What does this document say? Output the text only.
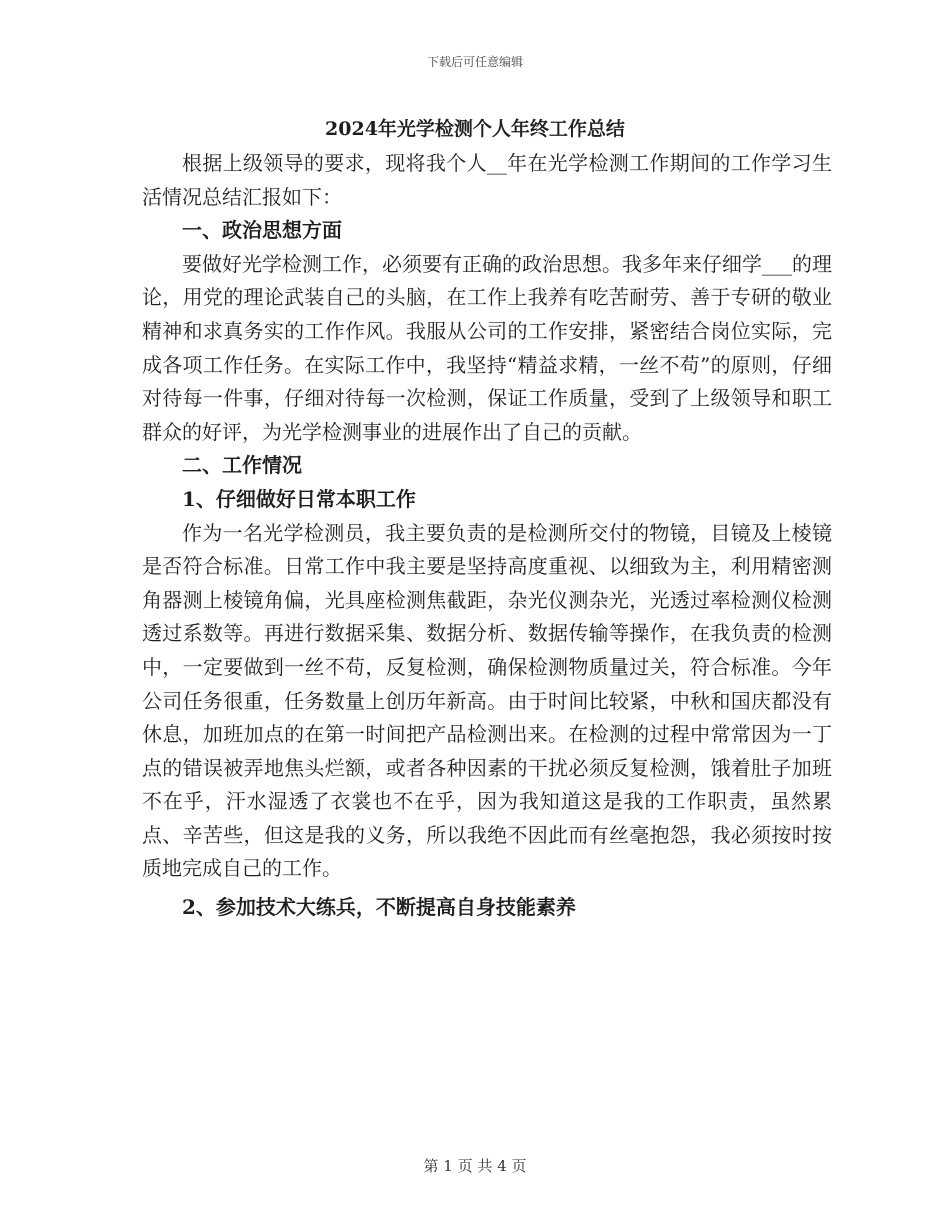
下载后可任意编辑
2024年光学检测个人年终工作总结

根据上级领导的要求，现将我个人__年在光学检测工作期间的工作学习生活情况总结汇报如下：

一、政治思想方面

要做好光学检测工作，必须要有正确的政治思想。我多年来仔细学___的理论，用党的理论武装自己的头脑，在工作上我养有吃苦耐劳、善于专研的敬业精神和求真务实的工作作风。我服从公司的工作安排，紧密结合岗位实际，完成各项工作任务。在实际工作中，我坚持“精益求精，一丝不苟”的原则，仔细对待每一件事，仔细对待每一次检测，保证工作质量，受到了上级领导和职工群众的好评，为光学检测事业的进展作出了自己的贡献。

二、工作情况

1、仔细做好日常本职工作

作为一名光学检测员，我主要负责的是检测所交付的物镜，目镜及上棱镜是否符合标准。日常工作中我主要是坚持高度重视、以细致为主，利用精密测角器测上棱镜角偏，光具座检测焦截距，杂光仪测杂光，光透过率检测仪检测透过系数等。再进行数据采集、数据分析、数据传输等操作，在我负责的检测中，一定要做到一丝不苟，反复检测，确保检测物质量过关，符合标准。今年公司任务很重，任务数量上创历年新高。由于时间比较紧，中秋和国庆都没有休息，加班加点的在第一时间把产品检测出来。在检测的过程中常常因为一丁点的错误被弄地焦头烂额，或者各种因素的干扰必须反复检测，饿着肚子加班不在乎，汗水湿透了衣裳也不在乎，因为我知道这是我的工作职责，虽然累点、辛苦些，但这是我的义务，所以我绝不因此而有丝毫抱怨，我必须按时按质地完成自己的工作。

2、参加技术大练兵，不断提高自身技能素养

第 1 页 共 4 页
